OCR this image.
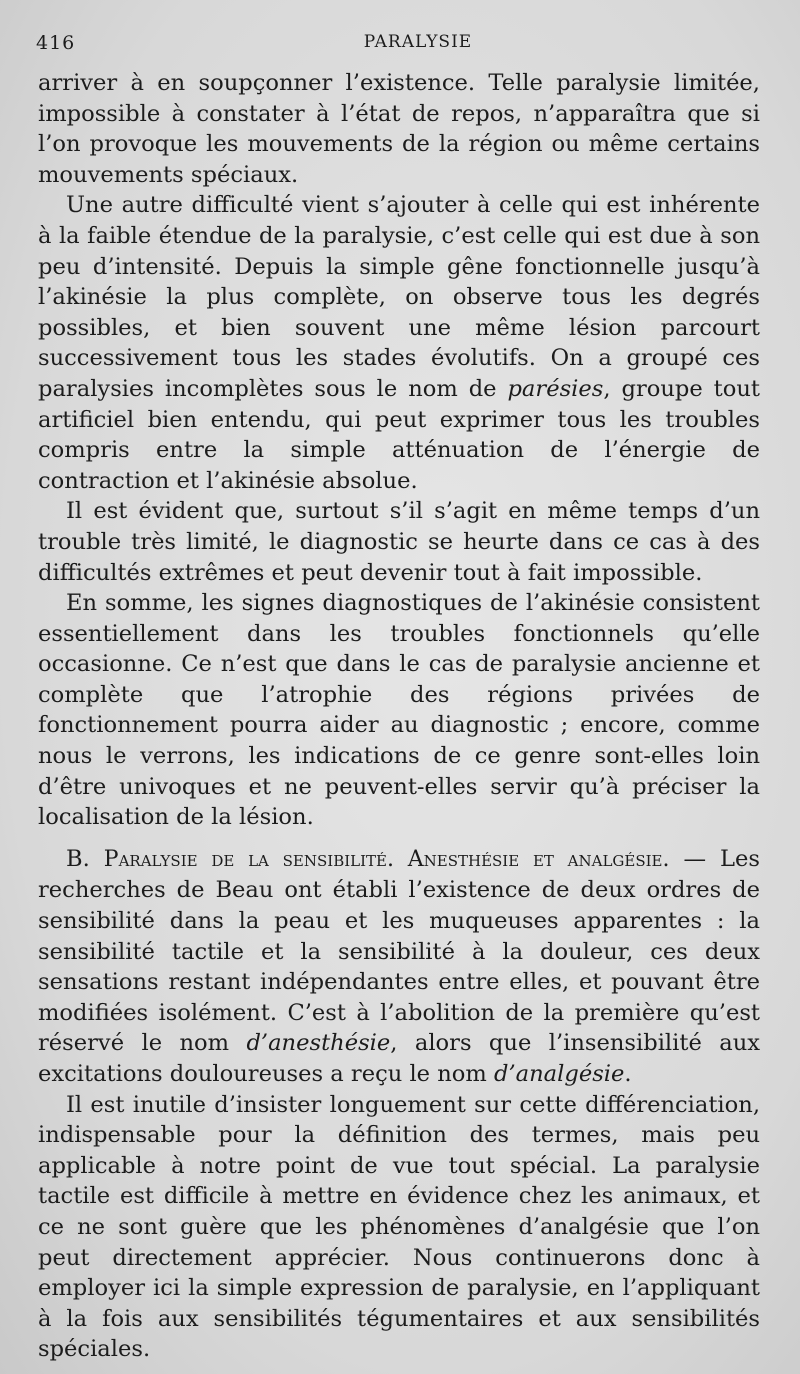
416	PARALYSIE

arriver à en soupçonner l’existence. Telle paralysie limitée, impossible à constater à l’état de repos, n’apparaîtra que si l’on provoque les mouvements de la région ou même certains mouvements spéciaux.

Une autre difficulté vient s’ajouter à celle qui est inhérente à la faible étendue de la paralysie, c’est celle qui est due à son peu d’intensité. Depuis la simple gêne fonctionnelle jusqu’à l’akinésie la plus complète, on observe tous les degrés possibles, et bien souvent une même lésion parcourt successivement tous les stades évolutifs. On a groupé ces paralysies incomplètes sous le nom de parésies, groupe tout artificiel bien entendu, qui peut exprimer tous les troubles compris entre la simple atténuation de l’énergie de contraction et l’akinésie absolue.

Il est évident que, surtout s’il s’agit en même temps d’un trouble très limité, le diagnostic se heurte dans ce cas à des difficultés extrêmes et peut devenir tout à fait impossible.

En somme, les signes diagnostiques de l’akinésie consistent essentiellement dans les troubles fonctionnels qu’elle occasionne. Ce n’est que dans le cas de paralysie ancienne et complète que l’atrophie des régions privées de fonctionnement pourra aider au diagnostic ; encore, comme nous le verrons, les indications de ce genre sont-elles loin d’être univoques et ne peuvent-elles servir qu’à préciser la localisation de la lésion.

B. Paralysie de la sensibilité. Anesthésie et analgésie. — Les recherches de Beau ont établi l’existence de deux ordres de sensibilité dans la peau et les muqueuses apparentes : la sensibilité tactile et la sensibilité à la douleur, ces deux sensations restant indépendantes entre elles, et pouvant être modifiées isolément. C’est à l’abolition de la première qu’est réservé le nom d’anesthésie, alors que l’insensibilité aux excitations douloureuses a reçu le nom d’analgésie.

Il est inutile d’insister longuement sur cette différenciation, indispensable pour la définition des termes, mais peu applicable à notre point de vue tout spécial. La paralysie tactile est difficile à mettre en évidence chez les animaux, et ce ne sont guère que les phénomènes d’analgésie que l’on peut directement apprécier. Nous continuerons donc à employer ici la simple expression de paralysie, en l’appliquant à la fois aux sensibilités tégumentaires et aux sensibilités spéciales.
